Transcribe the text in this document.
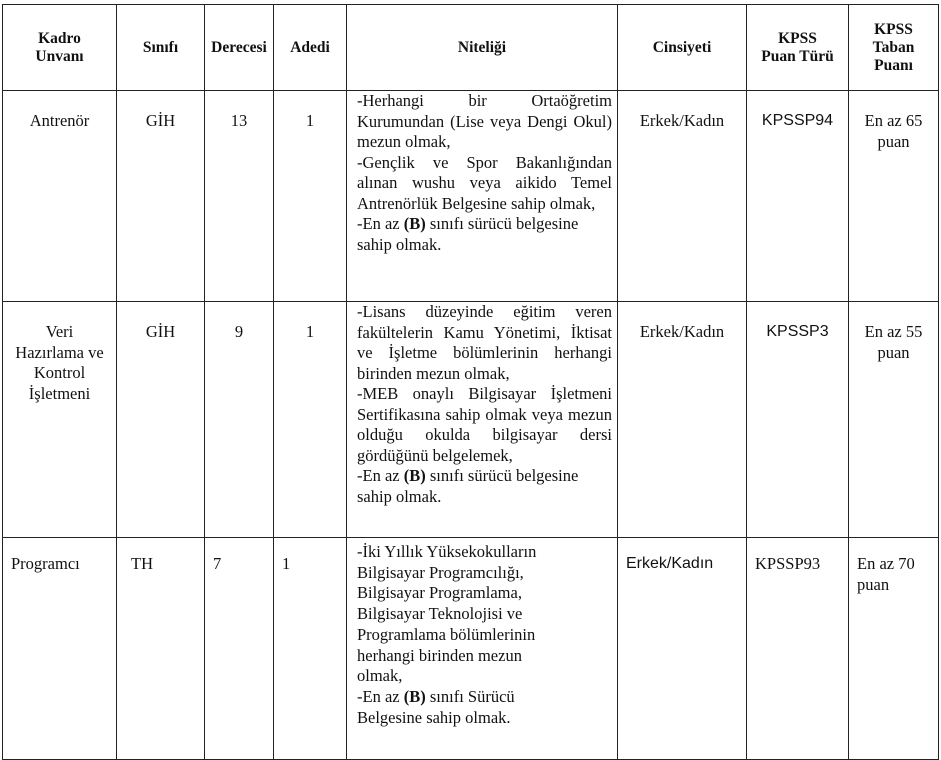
Kadro Unvanı	Sınıfı	Derecesi	Adedi	Niteliği	Cinsiyeti	KPSS Puan Türü	KPSS Taban Puanı
Antrenör	GİH	13	1	-Herhangi bir Ortaöğretim Kurumundan (Lise veya Dengi Okul) mezun olmak,

-Gençlik ve Spor Bakanlığından alınan wushu veya aikido Temel Antrenörlük Belgesine sahip olmak,

-En az (B) sınıfı sürücü belgesine sahip olmak.	Erkek/Kadın	KPSSP94	En az 65 puan
Veri Hazırlama ve Kontrol İşletmeni	GİH	9	1	-Lisans düzeyinde eğitim veren fakültelerin Kamu Yönetimi, İktisat ve İşletme bölümlerinin herhangi birinden mezun olmak,

-MEB onaylı Bilgisayar İşletmeni Sertifikasına sahip olmak veya mezun olduğu okulda bilgisayar dersi gördüğünü belgelemek,

-En az (B) sınıfı sürücü belgesine sahip olmak.	Erkek/Kadın	KPSSP3	En az 55 puan
Programcı	TH	7	1	-İki Yıllık Yüksekokulların Bilgisayar Programcılığı, Bilgisayar Programlama, Bilgisayar Teknolojisi ve Programlama bölümlerinin herhangi birinden mezun olmak,

-En az (B) sınıfı Sürücü Belgesine sahip olmak.	Erkek/Kadın	KPSSP93	En az 70 puan
